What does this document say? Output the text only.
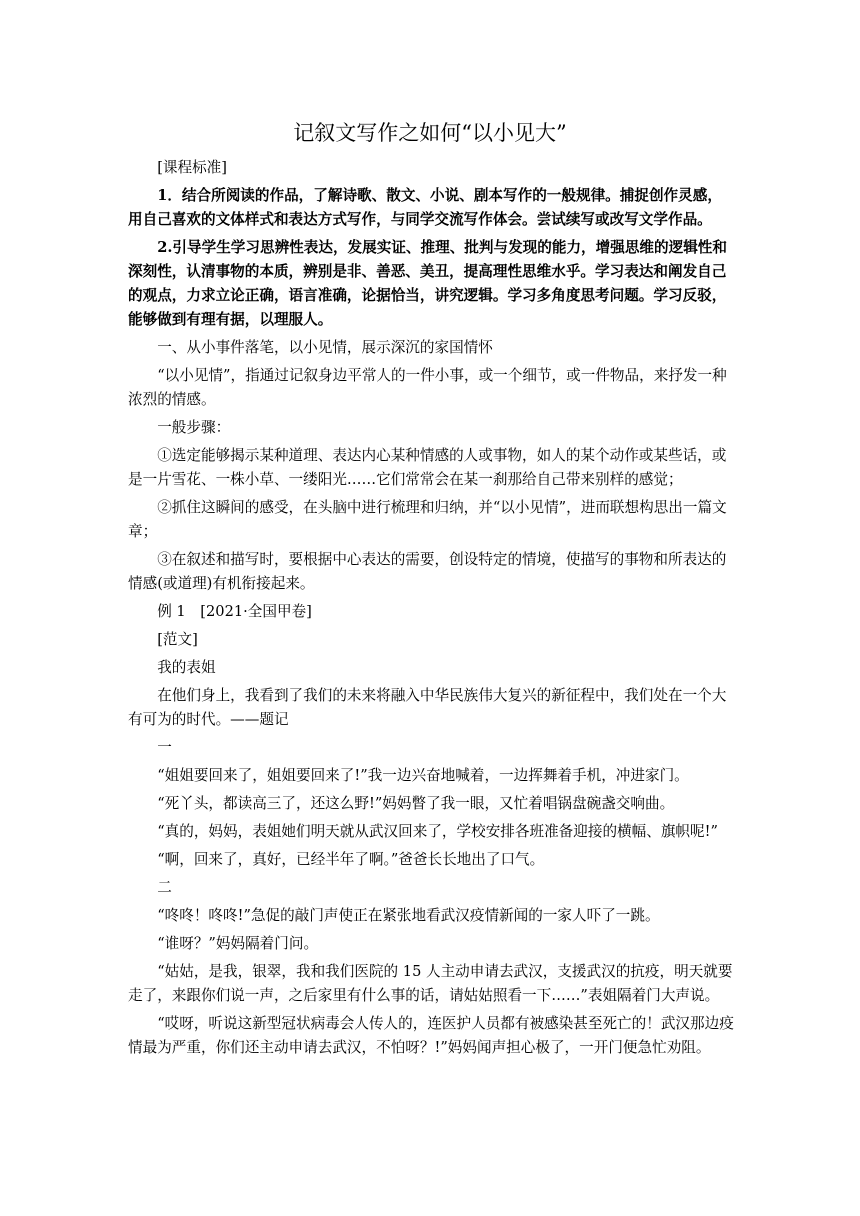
记叙文写作之如何“以小见大”

[课程标准]

1．结合所阅读的作品，了解诗歌、散文、小说、剧本写作的一般规律。捕捉创作灵感，用自己喜欢的文体样式和表达方式写作，与同学交流写作体会。尝试续写或改写文学作品。

2.引导学生学习思辨性表达，发展实证、推理、批判与发现的能力，增强思维的逻辑性和深刻性，认清事物的本质，辨别是非、善恶、美丑，提高理性思维水乎。学习表达和阐发自己的观点，力求立论正确，语言准确，论据恰当，讲究逻辑。学习多角度思考问题。学习反驳，能够做到有理有据，以理服人。

一、从小事件落笔，以小见情，展示深沉的家国情怀

“以小见情”，指通过记叙身边平常人的一件小事，或一个细节，或一件物品，来抒发一种浓烈的情感。

一般步骤：

①选定能够揭示某种道理、表达内心某种情感的人或事物，如人的某个动作或某些话，或是一片雪花、一株小草、一缕阳光……它们常常会在某一刹那给自己带来别样的感觉；

②抓住这瞬间的感受，在头脑中进行梳理和归纳，并“以小见情”，进而联想构思出一篇文章；

③在叙述和描写时，要根据中心表达的需要，创设特定的情境，使描写的事物和所表达的情感(或道理)有机衔接起来。

例 1　[2021·全国甲卷]

[范文]

我的表姐

在他们身上，我看到了我们的未来将融入中华民族伟大复兴的新征程中，我们处在一个大有可为的时代。——题记

一

“姐姐要回来了，姐姐要回来了!”我一边兴奋地喊着，一边挥舞着手机，冲进家门。

“死丫头，都读高三了，还这么野!”妈妈瞥了我一眼，又忙着唱锅盘碗盏交响曲。

“真的，妈妈，表姐她们明天就从武汉回来了，学校安排各班准备迎接的横幅、旗帜呢!”

“啊，回来了，真好，已经半年了啊。”爸爸长长地出了口气。

二

“咚咚！咚咚!”急促的敲门声使正在紧张地看武汉疫情新闻的一家人吓了一跳。

“谁呀？”妈妈隔着门问。

“姑姑，是我，银翠，我和我们医院的 15 人主动申请去武汉，支援武汉的抗疫，明天就要走了，来跟你们说一声，之后家里有什么事的话，请姑姑照看一下……”表姐隔着门大声说。

“哎呀，听说这新型冠状病毒会人传人的，连医护人员都有被感染甚至死亡的！武汉那边疫情最为严重，你们还主动申请去武汉，不怕呀？!”妈妈闻声担心极了，一开门便急忙劝阻。
